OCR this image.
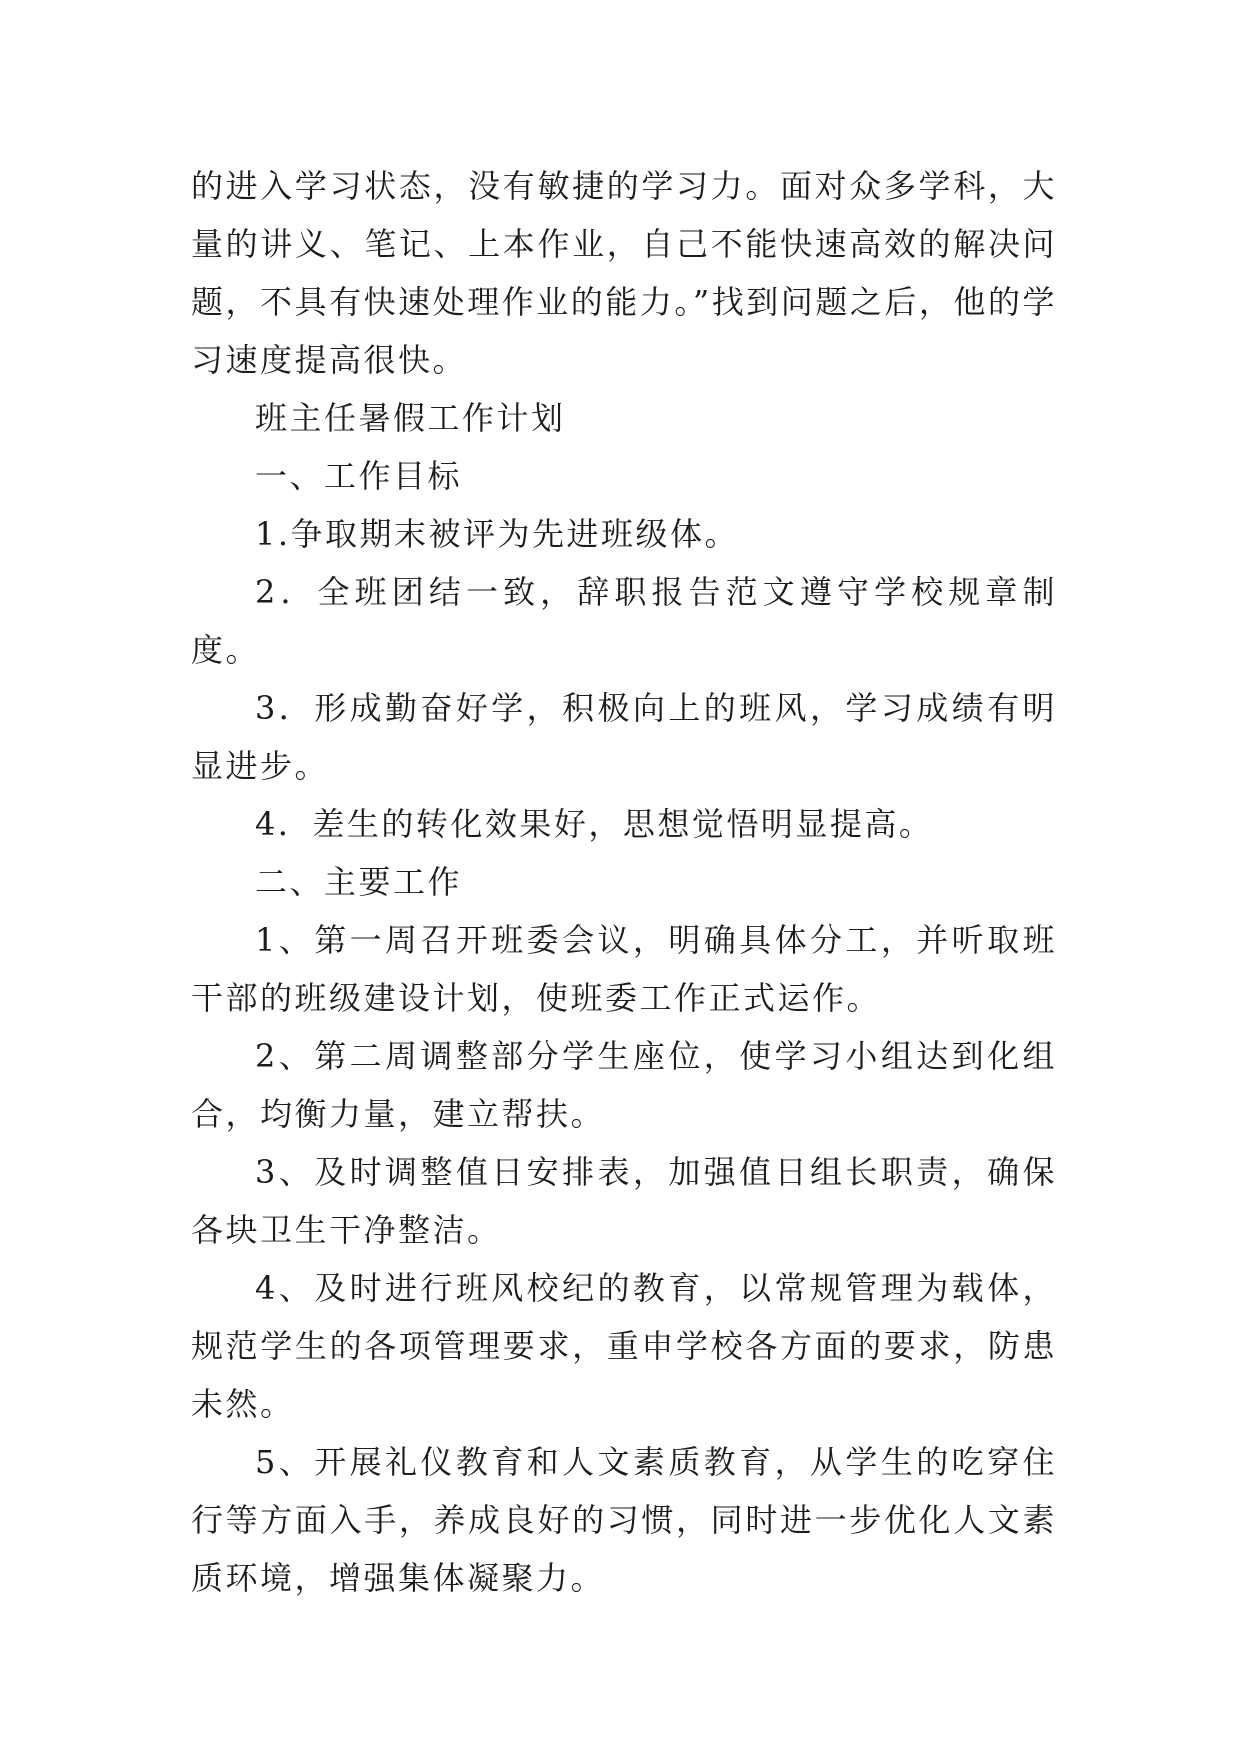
的进入学习状态，没有敏捷的学习力。面对众多学科，大量的讲义、笔记、上本作业，自己不能快速高效的解决问题，不具有快速处理作业的能力。”找到问题之后，他的学习速度提高很快。

班主任暑假工作计划

一、工作目标

1.争取期末被评为先进班级体。

2．全班团结一致，辞职报告范文遵守学校规章制度。

3．形成勤奋好学，积极向上的班风，学习成绩有明显进步。

4．差生的转化效果好，思想觉悟明显提高。

二、主要工作

1、第一周召开班委会议，明确具体分工，并听取班干部的班级建设计划，使班委工作正式运作。

2、第二周调整部分学生座位，使学习小组达到化组合，均衡力量，建立帮扶。

3、及时调整值日安排表，加强值日组长职责，确保各块卫生干净整洁。

4、及时进行班风校纪的教育，以常规管理为载体，规范学生的各项管理要求，重申学校各方面的要求，防患未然。

5、开展礼仪教育和人文素质教育，从学生的吃穿住行等方面入手，养成良好的习惯，同时进一步优化人文素质环境，增强集体凝聚力。
